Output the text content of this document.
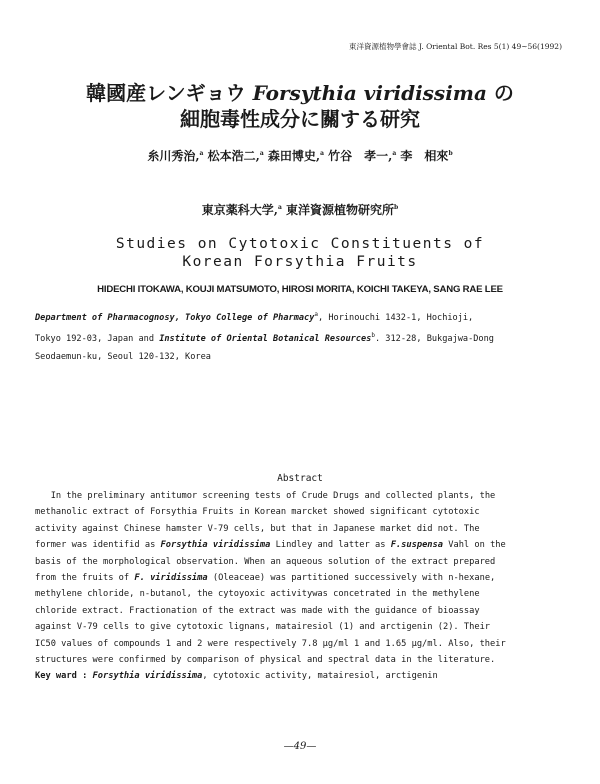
東洋資源植物學會誌 J. Oriental Bot. Res 5(1) 49~56(1992)
韓國産レンギョウ Forsythia viridissima の
細胞毒性成分に關する研究
糸川秀治,$^a$ 松本浩二,$^a$ 森田博史,$^a$ 竹谷　孝一,$^a$ 李　相來$^b$
東京薬科大学,$^a$ 東洋資源植物研究所$^b$
Studies on Cytotoxic Constituents of
Korean Forsythia Fruits
HIDECHI ITOKAWA, KOUJI MATSUMOTO, HIROSI MORITA, KOICHI TAKEYA, SANG RAE LEE
Department of Pharmacognosy, Tokyo College of Pharmacy$^a$, Horinouchi 1432-1, Hochioji,
Tokyo 192-03, Japan and Institute of Oriental Botanical Resources$^b$. 312-28, Bukgajwa-Dong
Seodaemun-ku, Seoul 120-132, Korea
Abstract
In the preliminary antitumor screening tests of Crude Drugs and collected plants, the
methanolic extract of Forsythia Fruits in Korean marcket showed significant cytotoxic
activity against Chinese hamster V-79 cells, but that in Japanese market did not. The
former was identifid as Forsythia viridissima Lindley and latter as F.suspensa Vahl on the
basis of the morphological observation. When an aqueous solution of the extract prepared
from the fruits of F. viridissima (Oleaceae) was partitioned successively with n-hexane,
methylene chloride, n-butanol, the cytoyoxic activitywas concetrated in the methylene
chloride extract. Fractionation of the extract was made with the guidance of bioassay
against V-79 cells to give cytotoxic lignans, matairesiol (1) and arctigenin (2). Their
IC50 values of compounds 1 and 2 were respectively 7.8 μg/ml 1 and 1.65 μg/ml. Also, their
structures were confirmed by comparison of physical and spectral data in the literature.
Key ward : Forsythia viridissima, cytotoxic activity, matairesiol, arctigenin
—49—
